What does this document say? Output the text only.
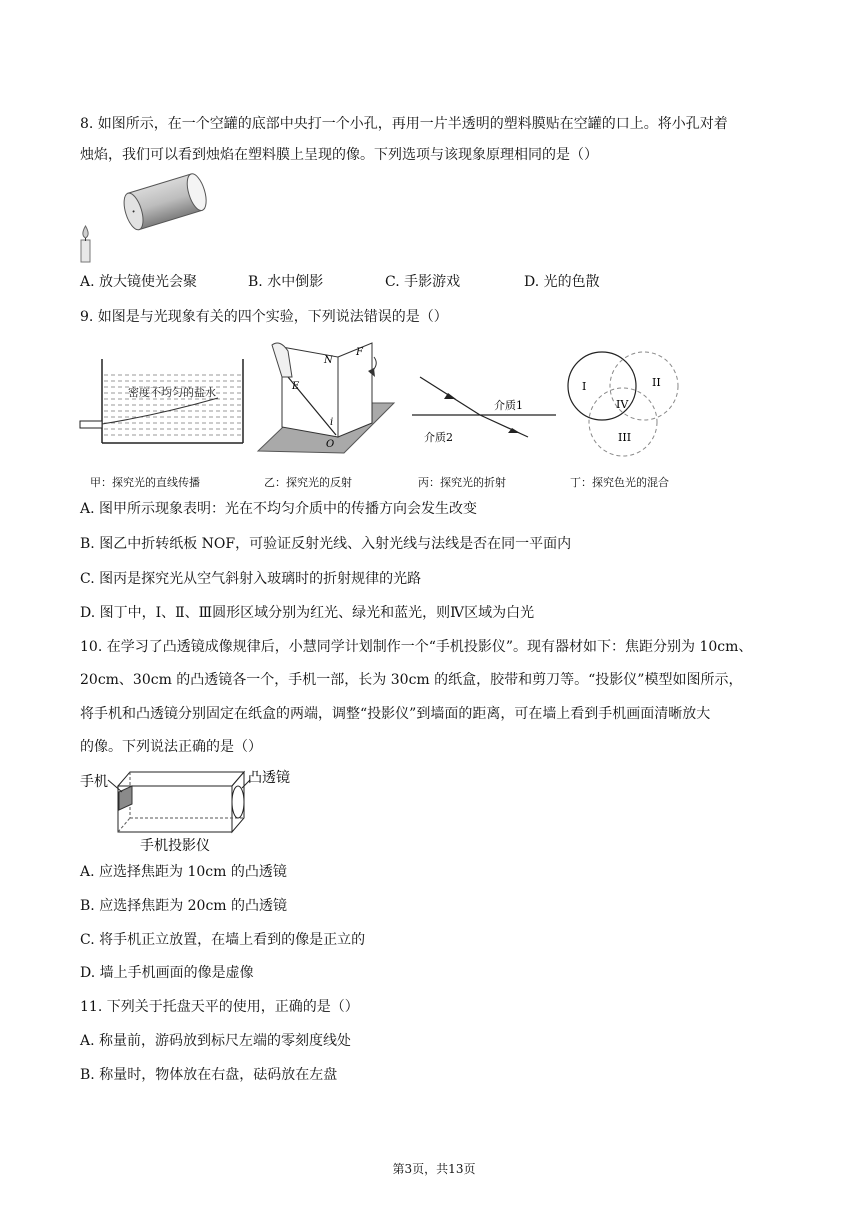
8. 如图所示，在一个空罐的底部中央打一个小孔，再用一片半透明的塑料膜贴在空罐的口上。将小孔对着
烛焰，我们可以看到烛焰在塑料膜上呈现的像。下列选项与该现象原理相同的是（）
A. 放大镜使光会聚	B. 水中倒影	C. 手影游戏	D. 光的色散
9. 如图是与光现象有关的四个实验，下列说法错误的是（）
密度不均匀的盐水
N
F
E
i
O
介质1
介质2
I	II
III
IV
甲：探究光的直线传播	乙：探究光的反射	丙：探究光的折射	丁：探究色光的混合
A. 图甲所示现象表明：光在不均匀介质中的传播方向会发生改变
B. 图乙中折转纸板 NOF，可验证反射光线、入射光线与法线是否在同一平面内
C. 图丙是探究光从空气斜射入玻璃时的折射规律的光路
D. 图丁中，Ⅰ、Ⅱ、Ⅲ圆形区域分别为红光、绿光和蓝光，则Ⅳ区域为白光
10. 在学习了凸透镜成像规律后，小慧同学计划制作一个“手机投影仪”。现有器材如下：焦距分别为 10cm、
20cm、30cm 的凸透镜各一个，手机一部，长为 30cm 的纸盒，胶带和剪刀等。“投影仪”模型如图所示，
将手机和凸透镜分别固定在纸盒的两端，调整“投影仪”到墙面的距离，可在墙上看到手机画面清晰放大
的像。下列说法正确的是（）
手机	凸透镜
手机投影仪
A. 应选择焦距为 10cm 的凸透镜
B. 应选择焦距为 20cm 的凸透镜
C. 将手机正立放置，在墙上看到的像是正立的
D. 墙上手机画面的像是虚像
11. 下列关于托盘天平的使用，正确的是（）
A. 称量前，游码放到标尺左端的零刻度线处
B. 称量时，物体放在右盘，砝码放在左盘
第3页，共13页
